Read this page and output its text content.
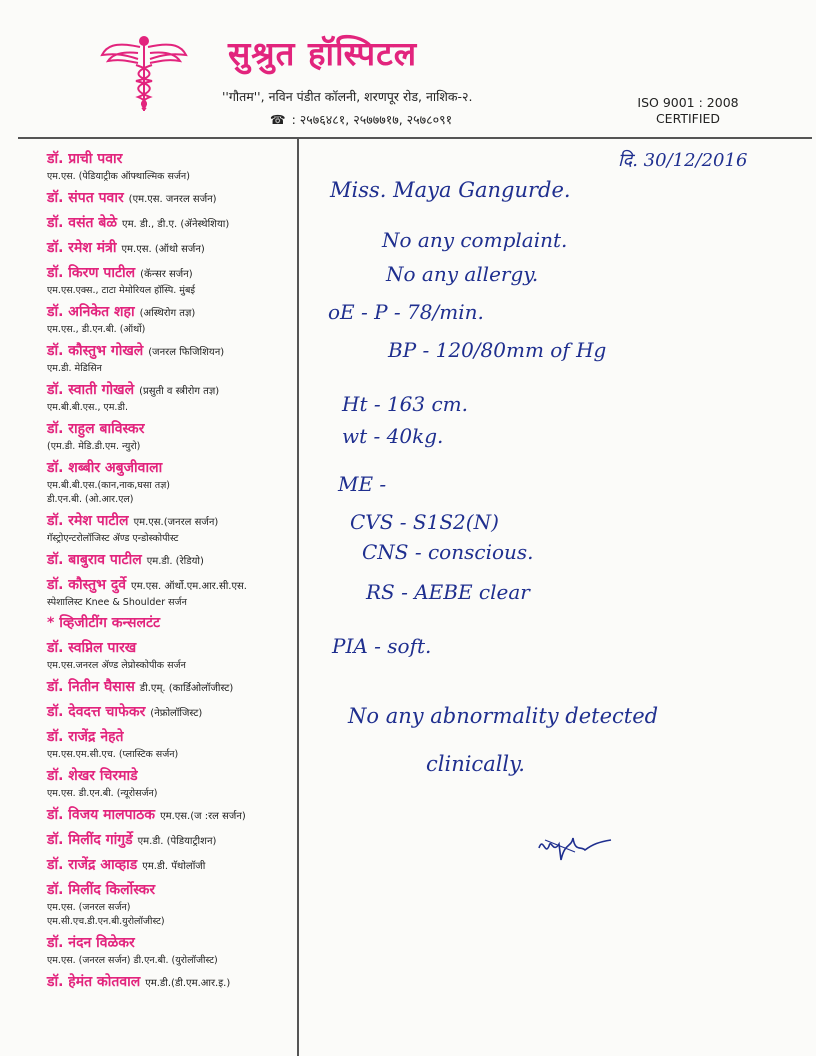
सुश्रुत हॉस्पिटल
''गौतम'', नविन पंडीत कॉलनी, शरणपूर रोड, नाशिक-२.
☎ : २५७६४८१, २५७७७१७, २५७८०९१
ISO 9001 : 2008
CERTIFIED
डॉ. प्राची पवार
एम.एस. (पेडियाट्रीक ऑफ्थाल्मिक सर्जन)
डॉ. संपत पवार (एम.एस. जनरल सर्जन)
डॉ. वसंत बेळे एम. डी., डी.ए. (ॲनेस्थेशिया)
डॉ. रमेश मंत्री एम.एस. (ऑथो सर्जन)
डॉ. किरण पाटील (कॅन्सर सर्जन)
एम.एस.एक्स., टाटा मेमोरियल हॉस्पि. मुंबई
डॉ. अनिकेत शहा (अस्थिरोग तज्ञ)
एम.एस., डी.एन.बी. (ऑर्थो)
डॉ. कौस्तुभ गोखले (जनरल फिजिशियन)
एम.डी. मेडिसिन
डॉ. स्वाती गोखले (प्रसुती व स्त्रीरोग तज्ञ)
एम.बी.बी.एस., एम.डी.
डॉ. राहुल बाविस्कर
(एम.डी. मेडि.डी.एम. न्युरो)
डॉ. शब्बीर अबुजीवाला
एम.बी.बी.एस.(कान,नाक,घसा तज्ञ)
डी.एन.बी. (ओ.आर.एल)
डॉ. रमेश पाटील एम.एस.(जनरल सर्जन)
गॅस्ट्रोएन्टरोलॉजिस्ट ॲण्ड एन्डोस्कोपीस्ट
डॉ. बाबुराव पाटील एम.डी. (रेडियो)
डॉ. कौस्तुभ दुर्वे एम.एस. ऑर्थो.एम.आर.सी.एस.
स्पेशालिस्ट Knee & Shoulder सर्जन
* व्हिजीटींग कन्सलटंट
डॉ. स्वप्निल पारख
एम.एस.जनरल ॲण्ड लेप्रोस्कोपीक सर्जन
डॉ. नितीन घैसास डी.एम्. (कार्डिओलॉजीस्ट)
डॉ. देवदत्त चाफेकर (नेफ्रोलॉजिस्ट)
डॉ. राजेंद्र नेहते
एम.एस.एम.सी.एच. (प्लास्टिक सर्जन)
डॉ. शेखर चिरमाडे
एम.एस. डी.एन.बी. (न्यूरोसर्जन)
डॉ. विजय मालपाठक एम.एस.(ज :रल सर्जन)
डॉ. मिलींद गांगुर्डे एम.डी. (पेडियाट्रीशन)
डॉ. राजेंद्र आव्हाड एम.डी. पॅथोलॉजी
डॉ. मिलींद किर्लोस्कर
एम.एस. (जनरल सर्जन)
एम.सी.एच.डी.एन.बी.युरोलॉजीस्ट)
डॉ. नंदन विळेकर
एम.एस. (जनरल सर्जन) डी.एन.बी. (युरोलॉजीस्ट)
डॉ. हेमंत कोतवाल एम.डी.(डी.एम.आर.इ.)
दि. 30/12/2016
Miss. Maya Gangurde.
No any complaint.
No any allergy.
oE - P - 78/min.
BP - 120/80mm of Hg
Ht - 163 cm.
wt - 40kg.
ME -
CVS - S1S2(N)
CNS - conscious.
RS - AEBE clear
PIA - soft.
No any abnormality detected
clinically.
